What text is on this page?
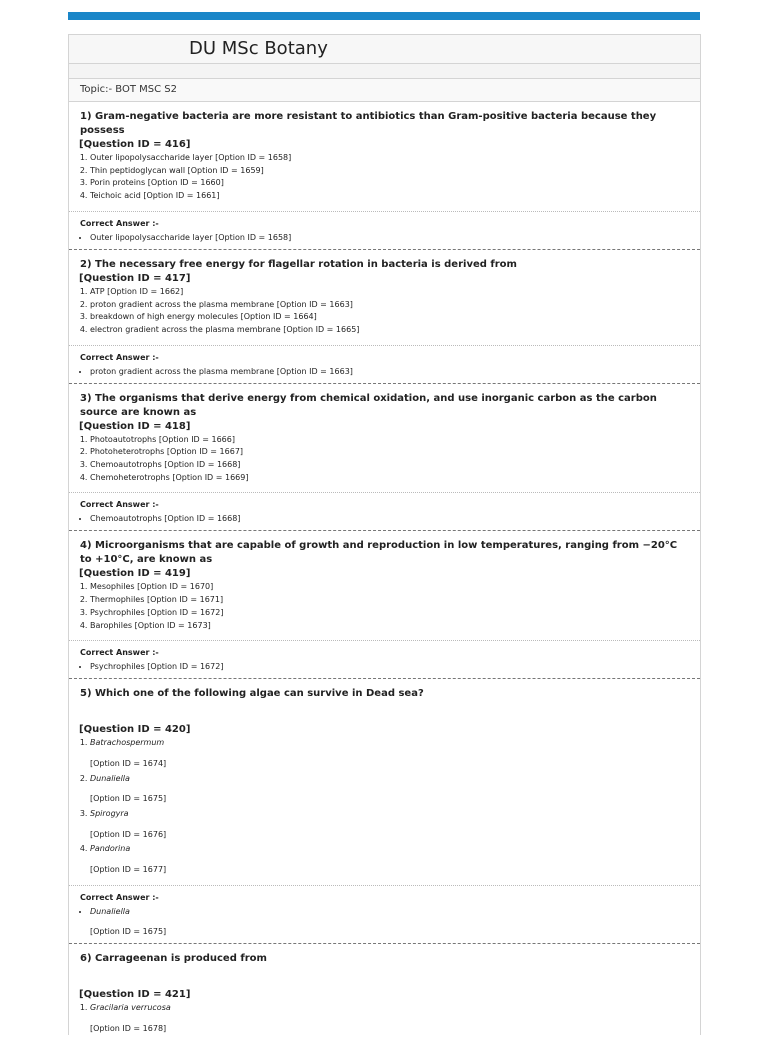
DU MSc Botany
Topic:- BOT MSC S2
1) Gram-negative bacteria are more resistant to antibiotics than Gram-positive bacteria because they possess
[Question ID = 416]
1. Outer lipopolysaccharide layer [Option ID = 1658]
2. Thin peptidoglycan wall [Option ID = 1659]
3. Porin proteins [Option ID = 1660]
4. Teichoic acid [Option ID = 1661]
Correct Answer :-
• Outer lipopolysaccharide layer [Option ID = 1658]
2) The necessary free energy for flagellar rotation in bacteria is derived from
[Question ID = 417]
1. ATP [Option ID = 1662]
2. proton gradient across the plasma membrane [Option ID = 1663]
3. breakdown of high energy molecules [Option ID = 1664]
4. electron gradient across the plasma membrane [Option ID = 1665]
Correct Answer :-
• proton gradient across the plasma membrane [Option ID = 1663]
3) The organisms that derive energy from chemical oxidation, and use inorganic carbon as the carbon source are known as
[Question ID = 418]
1. Photoautotrophs [Option ID = 1666]
2. Photoheterotrophs [Option ID = 1667]
3. Chemoautotrophs [Option ID = 1668]
4. Chemoheterotrophs [Option ID = 1669]
Correct Answer :-
• Chemoautotrophs [Option ID = 1668]
4) Microorganisms that are capable of growth and reproduction in low temperatures, ranging from −20°C to +10°C, are known as
[Question ID = 419]
1. Mesophiles [Option ID = 1670]
2. Thermophiles [Option ID = 1671]
3. Psychrophiles [Option ID = 1672]
4. Barophiles [Option ID = 1673]
Correct Answer :-
• Psychrophiles [Option ID = 1672]
5) Which one of the following algae can survive in Dead sea?
[Question ID = 420]
1. Batrachospermum
[Option ID = 1674]
2. Dunaliella
[Option ID = 1675]
3. Spirogyra
[Option ID = 1676]
4. Pandorina
[Option ID = 1677]
Correct Answer :-
• Dunaliella
[Option ID = 1675]
6) Carrageenan is produced from
[Question ID = 421]
1. Gracilaria verrucosa
[Option ID = 1678]
